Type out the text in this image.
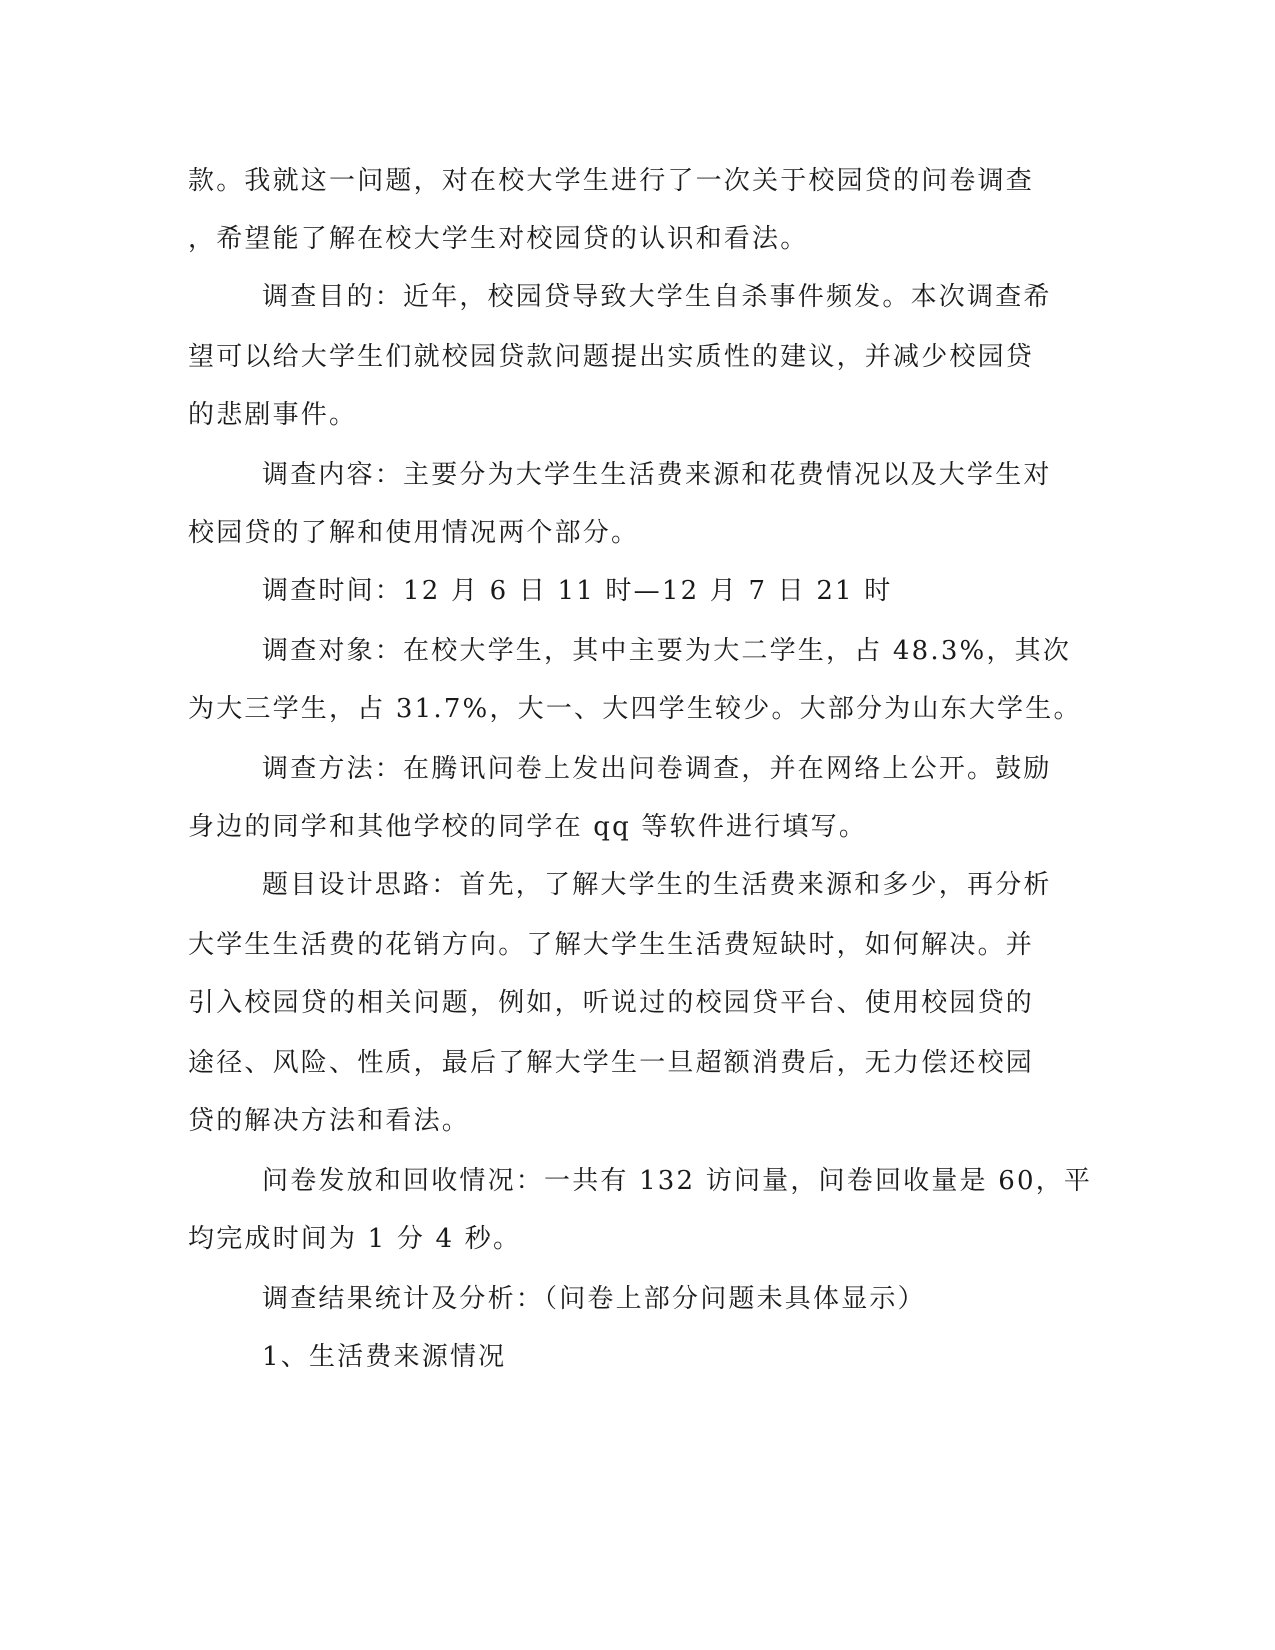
款。我就这一问题，对在校大学生进行了一次关于校园贷的问卷调查

，希望能了解在校大学生对校园贷的认识和看法。

调查目的：近年，校园贷导致大学生自杀事件频发。本次调查希

望可以给大学生们就校园贷款问题提出实质性的建议，并减少校园贷

的悲剧事件。

调查内容：主要分为大学生生活费来源和花费情况以及大学生对

校园贷的了解和使用情况两个部分。

调查时间：12 月 6 日 11 时—12 月 7 日 21 时

调查对象：在校大学生，其中主要为大二学生，占 48.3%，其次

为大三学生，占 31.7%，大一、大四学生较少。大部分为山东大学生。

调查方法：在腾讯问卷上发出问卷调查，并在网络上公开。鼓励

身边的同学和其他学校的同学在 qq 等软件进行填写。

题目设计思路：首先，了解大学生的生活费来源和多少，再分析

大学生生活费的花销方向。了解大学生生活费短缺时，如何解决。并

引入校园贷的相关问题，例如，听说过的校园贷平台、使用校园贷的

途径、风险、性质，最后了解大学生一旦超额消费后，无力偿还校园

贷的解决方法和看法。

问卷发放和回收情况：一共有 132 访问量，问卷回收量是 60，平

均完成时间为 1 分 4 秒。

调查结果统计及分析：（问卷上部分问题未具体显示）

1、生活费来源情况
